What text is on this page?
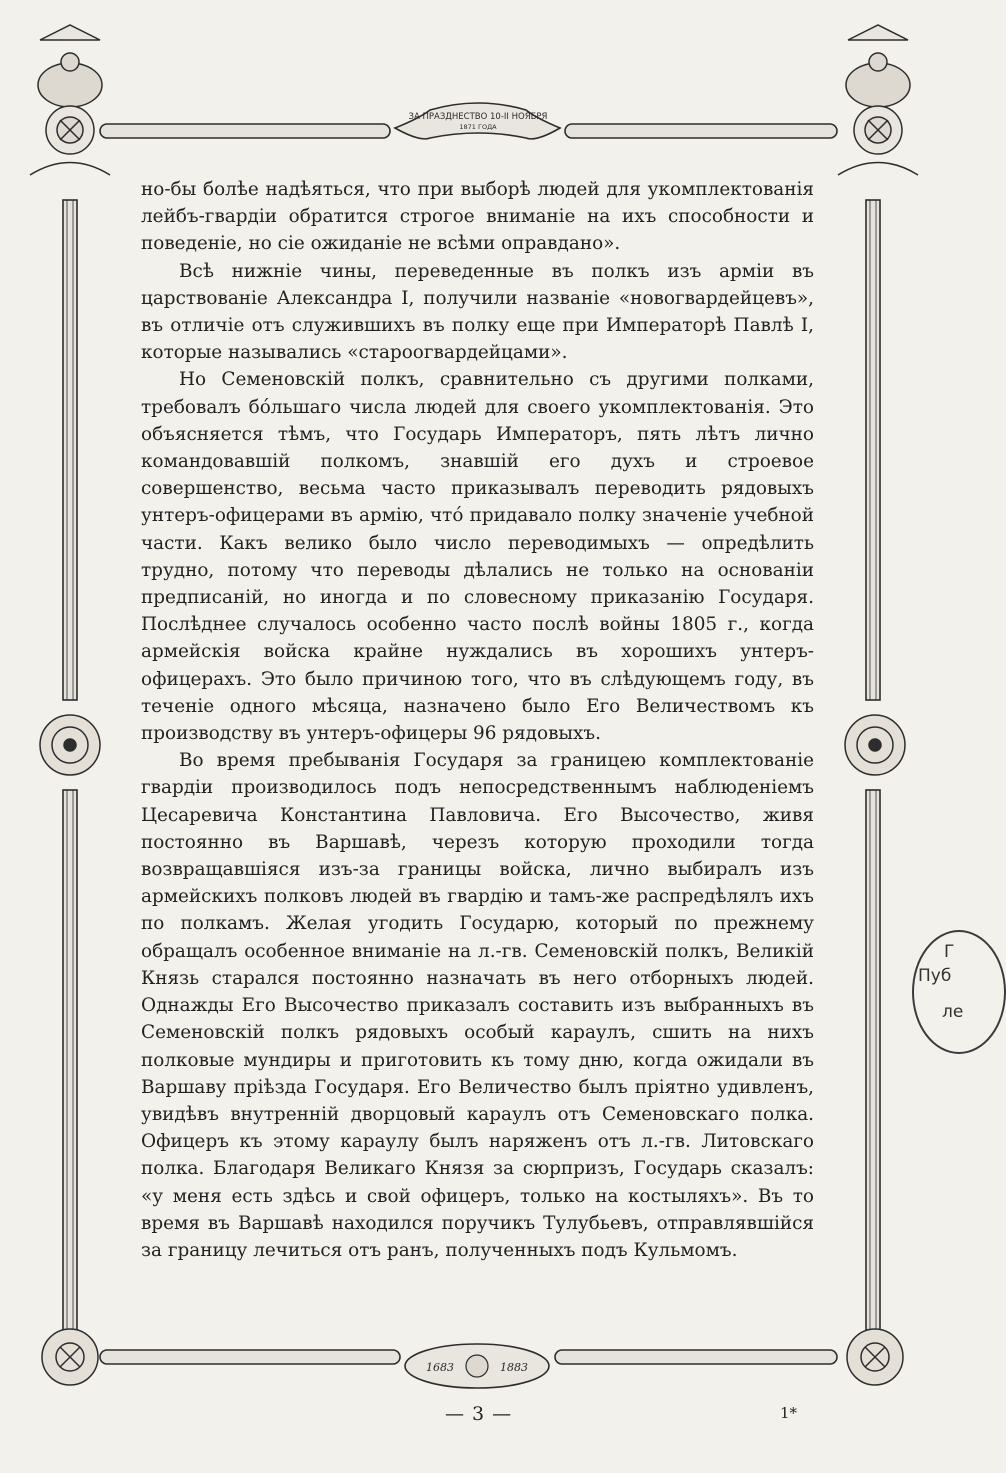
ЗА ПРАЗДНЕСТВО 10-II НОЯБРЯ
1871 ГОДА
1683	1883

но-бы болѣе надѣяться, что при выборѣ людей для укомплектованія лейбъ-гвардіи обратится строгое вниманіе на ихъ способности и поведеніе, но сіе ожиданіе не всѣми оправдано».

Всѣ нижніе чины, переведенные въ полкъ изъ арміи въ царствованіе Александра I, получили названіе «новогвардейцевъ», въ отличіе отъ служившихъ въ полку еще при Императорѣ Павлѣ I, которые назывались «староогвардейцами».

Но Семеновскій полкъ, сравнительно съ другими полками, требовалъ бо́льшаго числа людей для своего укомплектованія. Это объясняется тѣмъ, что Государь Императоръ, пять лѣтъ лично командовавшій полкомъ, знавшій его духъ и строевое совершенство, весьма часто приказывалъ переводить рядовыхъ унтеръ-офицерами въ армію, что́ придавало полку значеніе учебной части. Какъ велико было число переводимыхъ — опредѣлить трудно, потому что переводы дѣлались не только на основаніи предписаній, но иногда и по словесному приказанію Государя. Послѣднее случалось особенно часто послѣ войны 1805 г., когда армейскія войска крайне нуждались въ хорошихъ унтеръ-офицерахъ. Это было причиною того, что въ слѣдующемъ году, въ теченіе одного мѣсяца, назначено было Его Величествомъ къ производству въ унтеръ-офицеры 96 рядовыхъ.

Во время пребыванія Государя за границею комплектованіе гвардіи производилось подъ непосредственнымъ наблюденіемъ Цесаревича Константина Павловича. Его Высочество, живя постоянно въ Варшавѣ, черезъ которую проходили тогда возвращавшіяся изъ-за границы войска, лично выбиралъ изъ армейскихъ полковъ людей въ гвардію и тамъ-же распредѣлялъ ихъ по полкамъ. Желая угодить Государю, который по прежнему обращалъ особенное вниманіе на л.-гв. Семеновскій полкъ, Великій Князь старался постоянно назначать въ него отборныхъ людей. Однажды Его Высочество приказалъ составить изъ выбранныхъ въ Семеновскій полкъ рядовыхъ особый караулъ, сшить на нихъ полковые мундиры и приготовить къ тому дню, когда ожидали въ Варшаву пріѣзда Государя. Его Величество былъ пріятно удивленъ, увидѣвъ внутренній дворцовый караулъ отъ Семеновскаго полка. Офицеръ къ этому караулу былъ наряженъ отъ л.-гв. Литовскаго полка. Благодаря Великаго Князя за сюрпризъ, Государь сказалъ: «у меня есть здѣсь и свой офицеръ, только на костыляхъ». Въ то время въ Варшавѣ находился поручикъ Тулубьевъ, отправлявшійся за границу лечиться отъ ранъ, полученныхъ подъ Кульмомъ.

— 3 —	1*
Г
Пуб
ле
